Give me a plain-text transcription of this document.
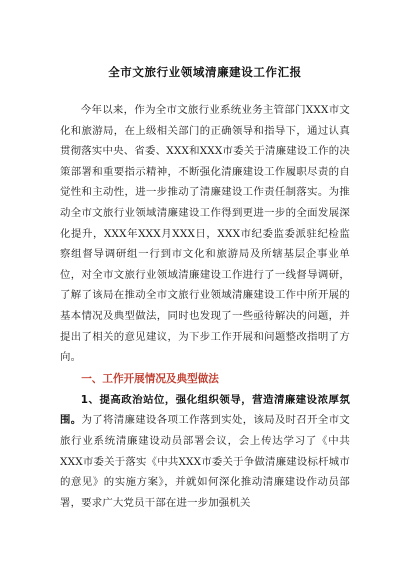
全市文旅行业领域清廉建设工作汇报

今年以来，作为全市文旅行业系统业务主管部门XXX市文化和旅游局，在上级相关部门的正确领导和指导下，通过认真贯彻落实中央、省委、XXX和XXX市委关于清廉建设工作的决策部署和重要指示精神，不断强化清廉建设工作履职尽责的自觉性和主动性，进一步推动了清廉建设工作责任制落实。为推动全市文旅行业领域清廉建设工作得到更进一步的全面发展深化提升，XXX年XXX月XXX日，XXX市纪委监委派驻纪检监察组督导调研组一行到市文化和旅游局及所辖基层企事业单位，对全市文旅行业领域清廉建设工作进行了一线督导调研，了解了该局在推动全市文旅行业领域清廉建设工作中所开展的基本情况及典型做法，同时也发现了一些亟待解决的问题，并提出了相关的意见建议，为下步工作开展和问题整改指明了方向。

一、工作开展情况及典型做法

1、提高政治站位，强化组织领导，营造清廉建设浓厚氛围。为了将清廉建设各项工作落到实处，该局及时召开全市文旅行业系统清廉建设动员部署会议，会上传达学习了《中共XXX市委关于落实《中共XXX市委关于争做清廉建设标杆城市的意见》的实施方案》，并就如何深化推动清廉建设作动员部署，要求广大党员干部在进一步加强机关
